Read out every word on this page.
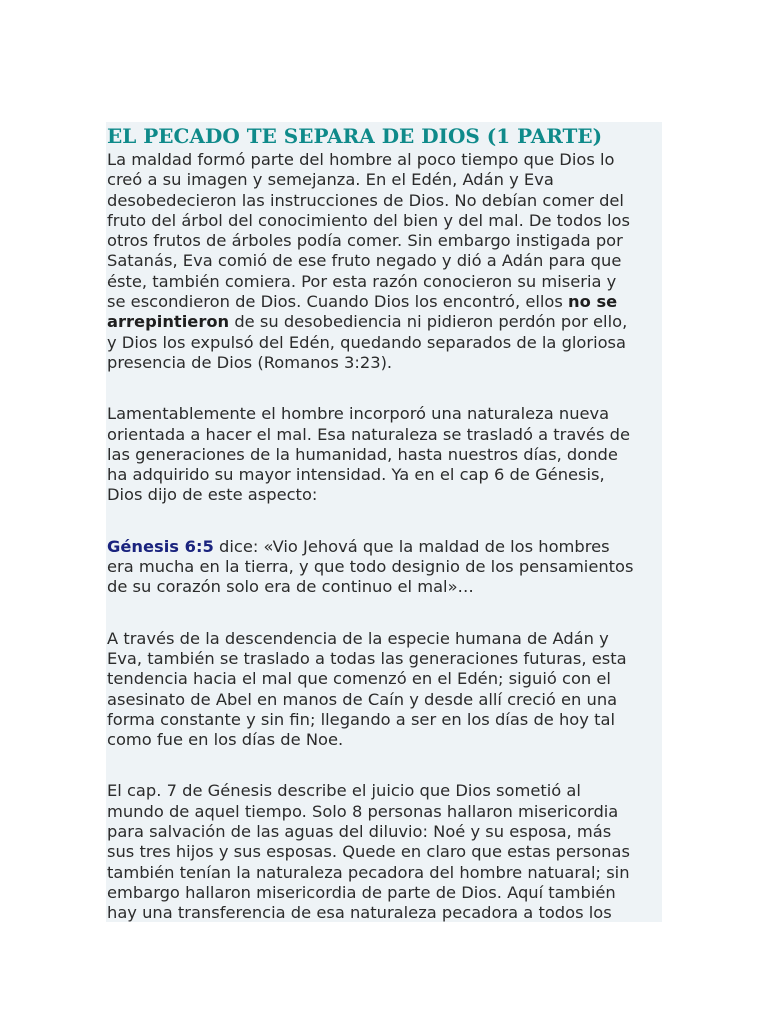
EL PECADO TE SEPARA DE DIOS (1 PARTE)

La maldad formó parte del hombre al poco tiempo que Dios lo
creó a su imagen y semejanza. En el Edén, Adán y Eva
desobedecieron las instrucciones de Dios. No debían comer del
fruto del árbol del conocimiento del bien y del mal. De todos los
otros frutos de árboles podía comer. Sin embargo instigada por
Satanás, Eva comió de ese fruto negado y dió a Adán para que
éste, también comiera. Por esta razón conocieron su miseria y
se escondieron de Dios. Cuando Dios los encontró, ellos no se
arrepintieron de su desobediencia ni pidieron perdón por ello,
y Dios los expulsó del Edén, quedando separados de la gloriosa
presencia de Dios (Romanos 3:23).

Lamentablemente el hombre incorporó una naturaleza nueva
orientada a hacer el mal. Esa naturaleza se trasladó a través de
las generaciones de la humanidad, hasta nuestros días, donde
ha adquirido su mayor intensidad. Ya en el cap 6 de Génesis,
Dios dijo de este aspecto:

Génesis 6:5 dice: «Vio Jehová que la maldad de los hombres
era mucha en la tierra, y que todo designio de los pensamientos
de su corazón solo era de continuo el mal»…

A través de la descendencia de la especie humana de Adán y
Eva, también se traslado a todas las generaciones futuras, esta
tendencia hacia el mal que comenzó en el Edén; siguió con el
asesinato de Abel en manos de Caín y desde allí creció en una
forma constante y sin fin; llegando a ser en los días de hoy tal
como fue en los días de Noe.

El cap. 7 de Génesis describe el juicio que Dios sometió al
mundo de aquel tiempo. Solo 8 personas hallaron misericordia
para salvación de las aguas del diluvio: Noé y su esposa, más
sus tres hijos y sus esposas. Quede en claro que estas personas
también tenían la naturaleza pecadora del hombre natuaral; sin
embargo hallaron misericordia de parte de Dios. Aquí también
hay una transferencia de esa naturaleza pecadora a todos los
